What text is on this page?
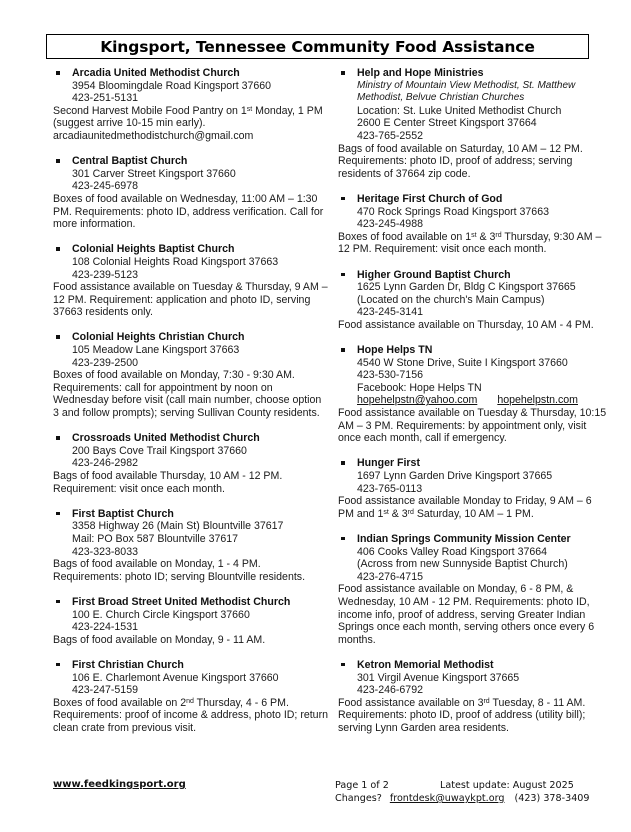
Kingsport, Tennessee Community Food Assistance
Arcadia United Methodist Church
3954 Bloomingdale Road Kingsport 37660
423-251-5131
Second Harvest Mobile Food Pantry on 1st Monday, 1 PM (suggest arrive 10-15 min early).
arcadiaunitedmethodistchurch@gmail.com
Central Baptist Church
301 Carver Street Kingsport 37660
423-245-6978
Boxes of food available on Wednesday, 11:00 AM – 1:30 PM. Requirements: photo ID, address verification. Call for more information.
Colonial Heights Baptist Church
108 Colonial Heights Road Kingsport 37663
423-239-5123
Food assistance available on Tuesday & Thursday, 9 AM – 12 PM. Requirement: application and photo ID, serving 37663 residents only.
Colonial Heights Christian Church
105 Meadow Lane Kingsport 37663
423-239-2500
Boxes of food available on Monday, 7:30 - 9:30 AM. Requirements: call for appointment by noon on Wednesday before visit (call main number, choose option 3 and follow prompts); serving Sullivan County residents.
Crossroads United Methodist Church
200 Bays Cove Trail Kingsport 37660
423-246-2982
Bags of food available Thursday, 10 AM - 12 PM. Requirement: visit once each month.
First Baptist Church
3358 Highway 26 (Main St) Blountville 37617
Mail: PO Box 587 Blountville 37617
423-323-8033
Bags of food available on Monday, 1 - 4 PM. Requirements: photo ID; serving Blountville residents.
First Broad Street United Methodist Church
100 E. Church Circle Kingsport 37660
423-224-1531
Bags of food available on Monday, 9 - 11 AM.
First Christian Church
106 E. Charlemont Avenue Kingsport 37660
423-247-5159
Boxes of food available on 2nd Thursday, 4 - 6 PM. Requirements: proof of income & address, photo ID; return clean crate from previous visit.
Help and Hope Ministries
Ministry of Mountain View Methodist, St. Matthew Methodist, Belvue Christian Churches
Location: St. Luke United Methodist Church
2600 E Center Street Kingsport 37664
423-765-2552
Bags of food available on Saturday, 10 AM – 12 PM. Requirements: photo ID, proof of address; serving residents of 37664 zip code.
Heritage First Church of God
470 Rock Springs Road Kingsport 37663
423-245-4988
Boxes of food available on 1st & 3rd Thursday, 9:30 AM – 12 PM. Requirement: visit once each month.
Higher Ground Baptist Church
1625 Lynn Garden Dr, Bldg C Kingsport 37665
(Located on the church's Main Campus)
423-245-3141
Food assistance available on Thursday, 10 AM - 4 PM.
Hope Helps TN
4540 W Stone Drive, Suite I Kingsport 37660
423-530-7156
Facebook: Hope Helps TN
hopehelpstn@yahoo.com hopehelpstn.com
Food assistance available on Tuesday & Thursday, 10:15 AM – 3 PM. Requirements: by appointment only, visit once each month, call if emergency.
Hunger First
1697 Lynn Garden Drive Kingsport 37665
423-765-0113
Food assistance available Monday to Friday, 9 AM – 6 PM and 1st & 3rd Saturday, 10 AM – 1 PM.
Indian Springs Community Mission Center
406 Cooks Valley Road Kingsport 37664
(Across from new Sunnyside Baptist Church)
423-276-4715
Food assistance available on Monday, 6 - 8 PM, & Wednesday, 10 AM - 12 PM. Requirements: photo ID, income info, proof of address, serving Greater Indian Springs once each month, serving others once every 6 months.
Ketron Memorial Methodist
301 Virgil Avenue Kingsport 37665
423-246-6792
Food assistance available on 3rd Tuesday, 8 - 11 AM. Requirements: photo ID, proof of address (utility bill); serving Lynn Garden area residents.
www.feedkingsport.org	Page 1 of 2	Latest update: August 2025
Changes? frontdesk@uwaykpt.org (423) 378-3409
